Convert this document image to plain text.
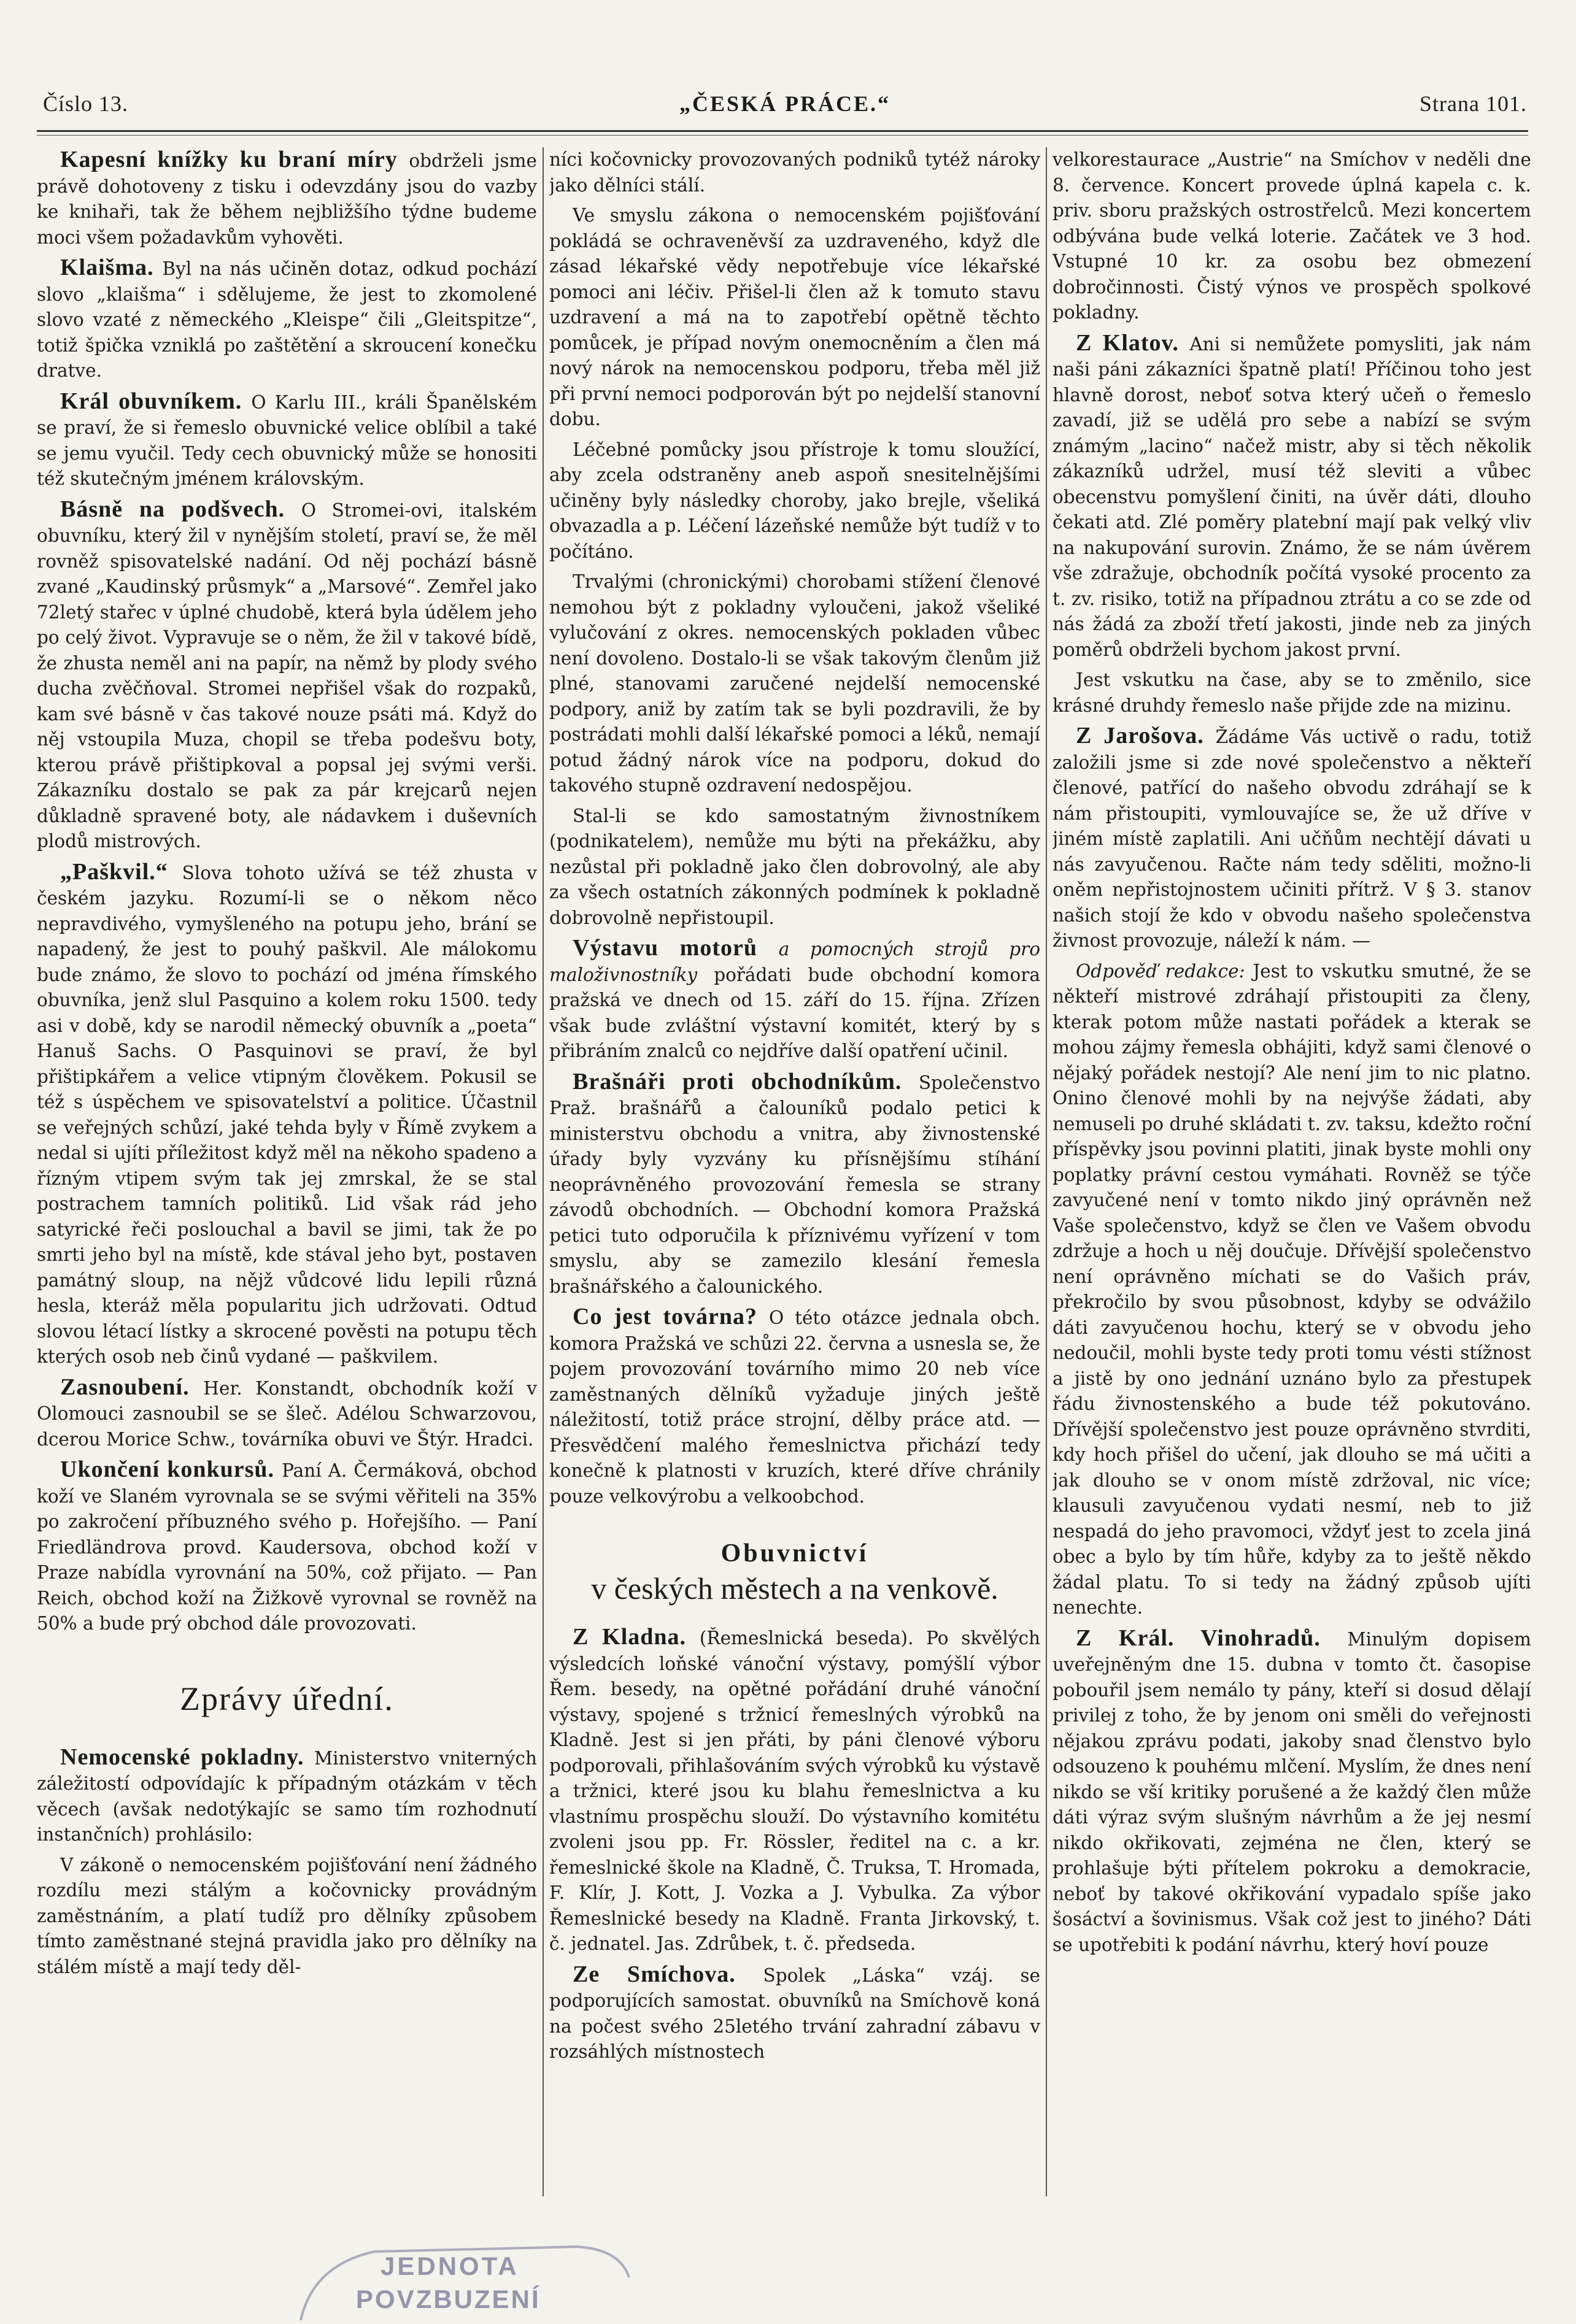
Číslo 13.	„ČESKÁ PRÁCE.“	Strana 101.

Kapesní knížky ku braní míry obdrželi jsme právě dohotoveny z tisku i odevzdány jsou do vazby ke knihaři, tak že během nejbližšího týdne budeme moci všem požadavkům vyhověti.

Klaišma. Byl na nás učiněn dotaz, odkud pochází slovo „klaišma“ i sdělujeme, že jest to zkomolené slovo vzaté z německého „Kleispe“ čili „Gleitspitze“, totiž špička vzniklá po zaštětění a skroucení konečku dratve.

Král obuvníkem. O Karlu III., králi Španělském se praví, že si řemeslo obuvnické velice oblíbil a také se jemu vyučil. Tedy cech obuvnický může se honositi též skutečným jménem královským.

Básně na podšvech. O Stromei-ovi, italském obuvníku, který žil v nynějším století, praví se, že měl rovněž spisovatelské nadání. Od něj pochází básně zvané „Kaudinský průsmyk“ a „Marsové“. Zemřel jako 72letý stařec v úplné chudobě, která byla údělem jeho po celý život. Vypravuje se o něm, že žil v takové bídě, že zhusta neměl ani na papír, na němž by plody svého ducha zvěčňoval. Stromei nepřišel však do rozpaků, kam své básně v čas takové nouze psáti má. Když do něj vstoupila Muza, chopil se třeba podešvu boty, kterou právě přištipkoval a popsal jej svými verši. Zákazníku dostalo se pak za pár krejcarů nejen důkladně spravené boty, ale nádavkem i duševních plodů mistrových.

„Paškvil.“ Slova tohoto užívá se též zhusta v českém jazyku. Rozumí-li se o někom něco nepravdivého, vymyšleného na potupu jeho, brání se napadený, že jest to pouhý paškvil. Ale málokomu bude známo, že slovo to pochází od jména římského obuvníka, jenž slul Pasquino a kolem roku 1500. tedy asi v době, kdy se narodil německý obuvník a „poeta“ Hanuš Sachs. O Pasquinovi se praví, že byl přištipkářem a velice vtipným člověkem. Pokusil se též s úspěchem ve spisovatelství a politice. Účastnil se veřejných schůzí, jaké tehda byly v Římě zvykem a nedal si ujíti příležitost když měl na někoho spadeno a řízným vtipem svým tak jej zmrskal, že se stal postrachem tamních politiků. Lid však rád jeho satyrické řeči poslouchal a bavil se jimi, tak že po smrti jeho byl na místě, kde stával jeho byt, postaven památný sloup, na nějž vůdcové lidu lepili různá hesla, kteráž měla popularitu jich udržovati. Odtud slovou létací lístky a skrocené pověsti na potupu těch kterých osob neb činů vydané — paškvilem.

Zasnoubení. Her. Konstandt, obchodník koží v Olomouci zasnoubil se se šleč. Adélou Schwarzovou, dcerou Morice Schw., továrníka obuvi ve Štýr. Hradci.

Ukončení konkursů. Paní A. Čermáková, obchod koží ve Slaném vyrovnala se se svými věřiteli na 35% po zakročení příbuzného svého p. Hořejšího. — Paní Friedländrova provd. Kaudersova, obchod koží v Praze nabídla vyrovnání na 50%, což přijato. — Pan Reich, obchod koží na Žižkově vyrovnal se rovněž na 50% a bude prý obchod dále provozovati.

Zprávy úřední.

Nemocenské pokladny. Ministerstvo vniterných záležitostí odpovídajíc k případným otázkám v těch věcech (avšak nedotýkajíc se samo tím rozhodnutí instančních) prohlásilo:

V zákoně o nemocenském pojišťování není žádného rozdílu mezi stálým a kočovnicky provádným zaměstnáním, a platí tudíž pro dělníky způsobem tímto zaměstnané stejná pravidla jako pro dělníky na stálém místě a mají tedy děl-

níci kočovnicky provozovaných podniků tytéž nároky jako dělníci stálí.

Ve smyslu zákona o nemocenském pojišťování pokládá se ochraveněvší za uzdraveného, když dle zásad lékařské vědy nepotřebuje více lékařské pomoci ani léčiv. Přišel-li člen až k tomuto stavu uzdravení a má na to zapotřebí opětně těchto pomůcek, je případ novým onemocněním a člen má nový nárok na nemocenskou podporu, třeba měl již při první nemoci podporován být po nejdelší stanovní dobu.

Léčebné pomůcky jsou přístroje k tomu sloužící, aby zcela odstraněny aneb aspoň snesitelnějšími učiněny byly následky choroby, jako brejle, všeliká obvazadla a p. Léčení lázeňské nemůže být tudíž v to počítáno.

Trvalými (chronickými) chorobami stížení členové nemohou být z pokladny vyloučeni, jakož všeliké vylučování z okres. nemocenských pokladen vůbec není dovoleno. Dostalo-li se však takovým členům již plné, stanovami zaručené nejdelší nemocenské podpory, aniž by zatím tak se byli pozdravili, že by postrádati mohli další lékařské pomoci a léků, nemají potud žádný nárok více na podporu, dokud do takového stupně ozdravení nedospějou.

Stal-li se kdo samostatným živnostníkem (podnikatelem), nemůže mu býti na překážku, aby nezůstal při pokladně jako člen dobrovolný, ale aby za všech ostatních zákonných podmínek k pokladně dobrovolně nepřistoupil.

Výstavu motorů a pomocných strojů pro maloživnostníky pořádati bude obchodní komora pražská ve dnech od 15. září do 15. října. Zřízen však bude zvláštní výstavní komitét, který by s přibráním znalců co nejdříve další opatření učinil.

Brašnáři proti obchodníkům. Společenstvo Praž. brašnářů a čalouníků podalo petici k ministerstvu obchodu a vnitra, aby živnostenské úřady byly vyzvány ku přísnějšímu stíhání neoprávněného provozování řemesla se strany závodů obchodních. — Obchodní komora Pražská petici tuto odporučila k příznivému vyřízení v tom smyslu, aby se zamezilo klesání řemesla brašnářského a čalounického.

Co jest továrna? O této otázce jednala obch. komora Pražská ve schůzi 22. června a usnesla se, že pojem provozování továrního mimo 20 neb více zaměstnaných dělníků vyžaduje jiných ještě náležitostí, totiž práce strojní, dělby práce atd. — Přesvědčení malého řemeslnictva přichází tedy konečně k platnosti v kruzích, které dříve chránily pouze velkovýrobu a velkoobchod.

Obuvnictví
v českých městech a na venkově.

Z Kladna. (Řemeslnická beseda). Po skvělých výsledcích loňské vánoční výstavy, pomýšlí výbor Řem. besedy, na opětné pořádání druhé vánoční výstavy, spojené s tržnicí řemeslných výrobků na Kladně. Jest si jen přáti, by páni členové výboru podporovali, přihlašováním svých výrobků ku výstavě a tržnici, které jsou ku blahu řemeslnictva a ku vlastnímu prospěchu slouží. Do výstavního komitétu zvoleni jsou pp. Fr. Rössler, ředitel na c. a kr. řemeslnické škole na Kladně, Č. Truksa, T. Hromada, F. Klír, J. Kott, J. Vozka a J. Vybulka. Za výbor Řemeslnické besedy na Kladně. Franta Jirkovský, t. č. jednatel. Jas. Zdrůbek, t. č. předseda.

Ze Smíchova. Spolek „Láska“ vzáj. se podporujících samostat. obuvníků na Smíchově koná na počest svého 25letého trvání zahradní zábavu v rozsáhlých místnostech

velkorestaurace „Austrie“ na Smíchov v neděli dne 8. července. Koncert provede úplná kapela c. k. priv. sboru pražských ostrostřelců. Mezi koncertem odbývána bude velká loterie. Začátek ve 3 hod. Vstupné 10 kr. za osobu bez obmezení dobročinnosti. Čistý výnos ve prospěch spolkové pokladny.

Z Klatov. Ani si nemůžete pomysliti, jak nám naši páni zákazníci špatně platí! Příčinou toho jest hlavně dorost, neboť sotva který učeň o řemeslo zavadí, již se udělá pro sebe a nabízí se svým známým „lacino“ načež mistr, aby si těch několik zákazníků udržel, musí též sleviti a vůbec obecenstvu pomyšlení činiti, na úvěr dáti, dlouho čekati atd. Zlé poměry platební mají pak velký vliv na nakupování surovin. Známo, že se nám úvěrem vše zdražuje, obchodník počítá vysoké procento za t. zv. risiko, totiž na případnou ztrátu a co se zde od nás žádá za zboží třetí jakosti, jinde neb za jiných poměrů obdrželi bychom jakost první.

Jest vskutku na čase, aby se to změnilo, sice krásné druhdy řemeslo naše přijde zde na mizinu.

Z Jarošova. Žádáme Vás uctivě o radu, totiž založili jsme si zde nové společenstvo a někteří členové, patřící do našeho obvodu zdráhají se k nám přistoupiti, vymlouvajíce se, že už dříve v jiném místě zaplatili. Ani učňům nechtějí dávati u nás zavyučenou. Račte nám tedy sděliti, možno-li oněm nepřistojnostem učiniti přítrž. V § 3. stanov našich stojí že kdo v obvodu našeho společenstva živnost provozuje, náleží k nám. —

Odpověď redakce: Jest to vskutku smutné, že se někteří mistrové zdráhají přistoupiti za členy, kterak potom může nastati pořádek a kterak se mohou zájmy řemesla obhájiti, když sami členové o nějaký pořádek nestojí? Ale není jim to nic platno. Onino členové mohli by na nejvýše žádati, aby nemuseli po druhé skládati t. zv. taksu, kdežto roční příspěvky jsou povinni platiti, jinak byste mohli ony poplatky právní cestou vymáhati. Rovněž se týče zavyučené není v tomto nikdo jiný oprávněn než Vaše společenstvo, když se člen ve Vašem obvodu zdržuje a hoch u něj doučuje. Dřívější společenstvo není oprávněno míchati se do Vašich práv, překročilo by svou působnost, kdyby se odvážilo dáti zavyučenou hochu, který se v obvodu jeho nedoučil, mohli byste tedy proti tomu vésti stížnost a jistě by ono jednání uznáno bylo za přestupek řádu živnostenského a bude též pokutováno. Dřívější společenstvo jest pouze oprávněno stvrditi, kdy hoch přišel do učení, jak dlouho se má učiti a jak dlouho se v onom místě zdržoval, nic více; klausuli zavyučenou vydati nesmí, neb to již nespadá do jeho pravomoci, vždyť jest to zcela jiná obec a bylo by tím hůře, kdyby za to ještě někdo žádal platu. To si tedy na žádný způsob ujíti nenechte.

Z Král. Vinohradů. Minulým dopisem uveřejněným dne 15. dubna v tomto čt. časopise pobouřil jsem nemálo ty pány, kteří si dosud dělají privilej z toho, že by jenom oni směli do veřejnosti nějakou zprávu podati, jakoby snad členstvo bylo odsouzeno k pouhému mlčení. Myslím, že dnes není nikdo se vší kritiky porušené a že každý člen může dáti výraz svým slušným návrhům a že jej nesmí nikdo okřikovati, zejména ne člen, který se prohlašuje býti přítelem pokroku a demokracie, neboť by takové okřikování vypadalo spíše jako šosáctví a šovinismus. Však což jest to jiného? Dáti se upotřebiti k podání návrhu, který hoví pouze

JEDNOTA
POVZBUZENÍ
